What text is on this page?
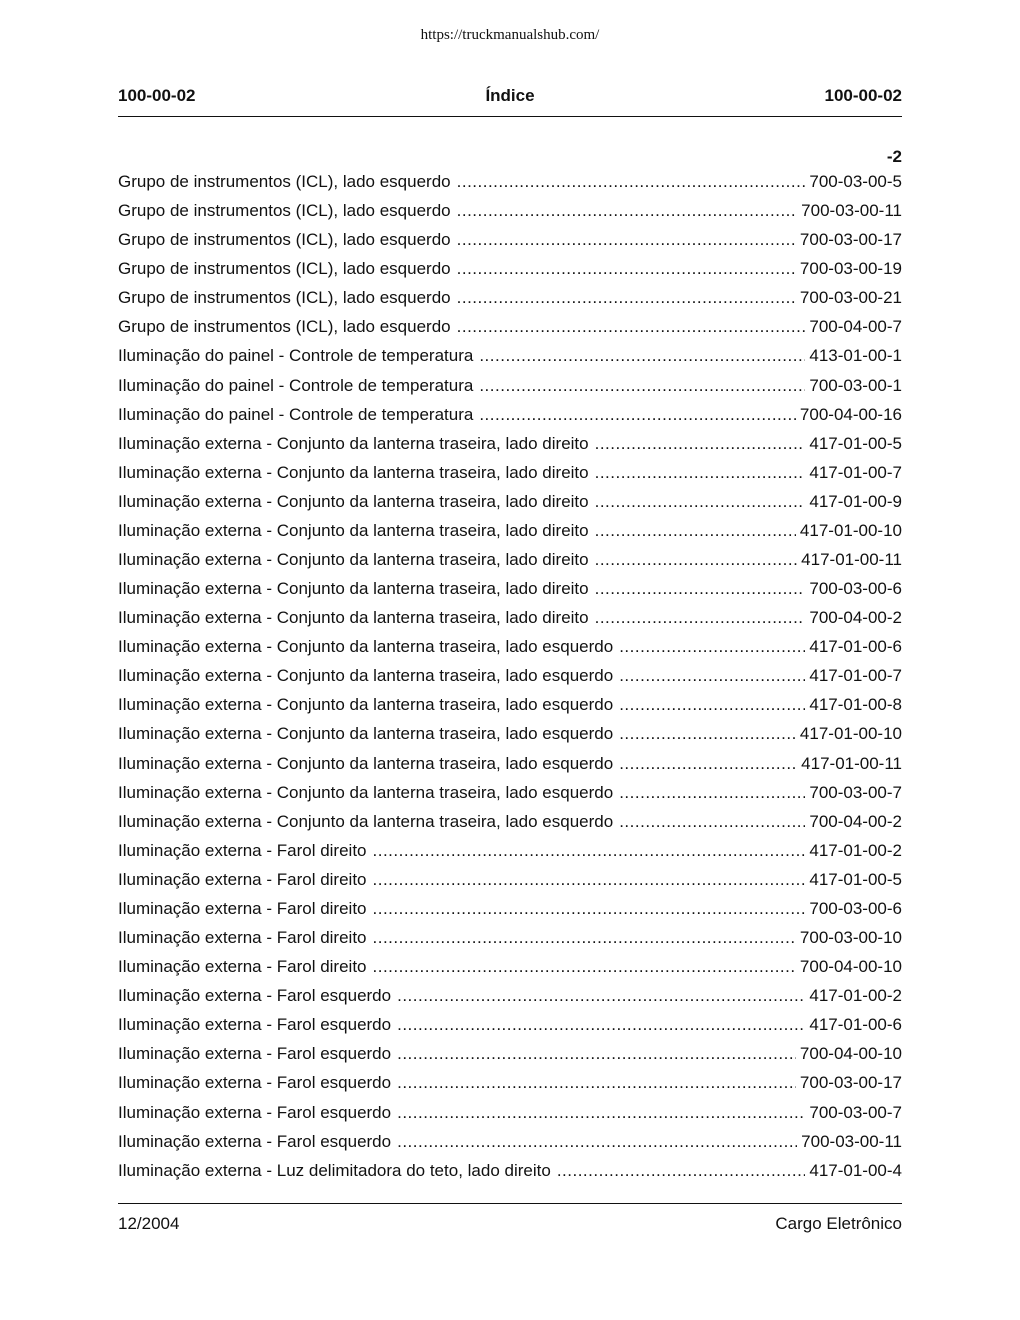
https://truckmanualshub.com/
100-00-02	Índice	100-00-02
-2
Grupo de instrumentos (ICL), lado esquerdo .....	700-03-00-5
Grupo de instrumentos (ICL), lado esquerdo .....	700-03-00-11
Grupo de instrumentos (ICL), lado esquerdo .....	700-03-00-17
Grupo de instrumentos (ICL), lado esquerdo .....	700-03-00-19
Grupo de instrumentos (ICL), lado esquerdo .....	700-03-00-21
Grupo de instrumentos (ICL), lado esquerdo .....	700-04-00-7
Iluminação do painel - Controle de temperatura .....	413-01-00-1
Iluminação do painel - Controle de temperatura .....	700-03-00-1
Iluminação do painel - Controle de temperatura .....	700-04-00-16
Iluminação externa - Conjunto da lanterna traseira, lado direito .....	417-01-00-5
Iluminação externa - Conjunto da lanterna traseira, lado direito .....	417-01-00-7
Iluminação externa - Conjunto da lanterna traseira, lado direito .....	417-01-00-9
Iluminação externa - Conjunto da lanterna traseira, lado direito .....	417-01-00-10
Iluminação externa - Conjunto da lanterna traseira, lado direito .....	417-01-00-11
Iluminação externa - Conjunto da lanterna traseira, lado direito .....	700-03-00-6
Iluminação externa - Conjunto da lanterna traseira, lado direito .....	700-04-00-2
Iluminação externa - Conjunto da lanterna traseira, lado esquerdo .....	417-01-00-6
Iluminação externa - Conjunto da lanterna traseira, lado esquerdo .....	417-01-00-7
Iluminação externa - Conjunto da lanterna traseira, lado esquerdo .....	417-01-00-8
Iluminação externa - Conjunto da lanterna traseira, lado esquerdo .....	417-01-00-10
Iluminação externa - Conjunto da lanterna traseira, lado esquerdo .....	417-01-00-11
Iluminação externa - Conjunto da lanterna traseira, lado esquerdo .....	700-03-00-7
Iluminação externa - Conjunto da lanterna traseira, lado esquerdo .....	700-04-00-2
Iluminação externa - Farol direito .....	417-01-00-2
Iluminação externa - Farol direito .....	417-01-00-5
Iluminação externa - Farol direito .....	700-03-00-6
Iluminação externa - Farol direito .....	700-03-00-10
Iluminação externa - Farol direito .....	700-04-00-10
Iluminação externa - Farol esquerdo .....	417-01-00-2
Iluminação externa - Farol esquerdo .....	417-01-00-6
Iluminação externa - Farol esquerdo .....	700-04-00-10
Iluminação externa - Farol esquerdo .....	700-03-00-17
Iluminação externa - Farol esquerdo .....	700-03-00-7
Iluminação externa - Farol esquerdo .....	700-03-00-11
Iluminação externa - Luz delimitadora do teto, lado direito .....	417-01-00-4
12/2004	Cargo Eletrônico
